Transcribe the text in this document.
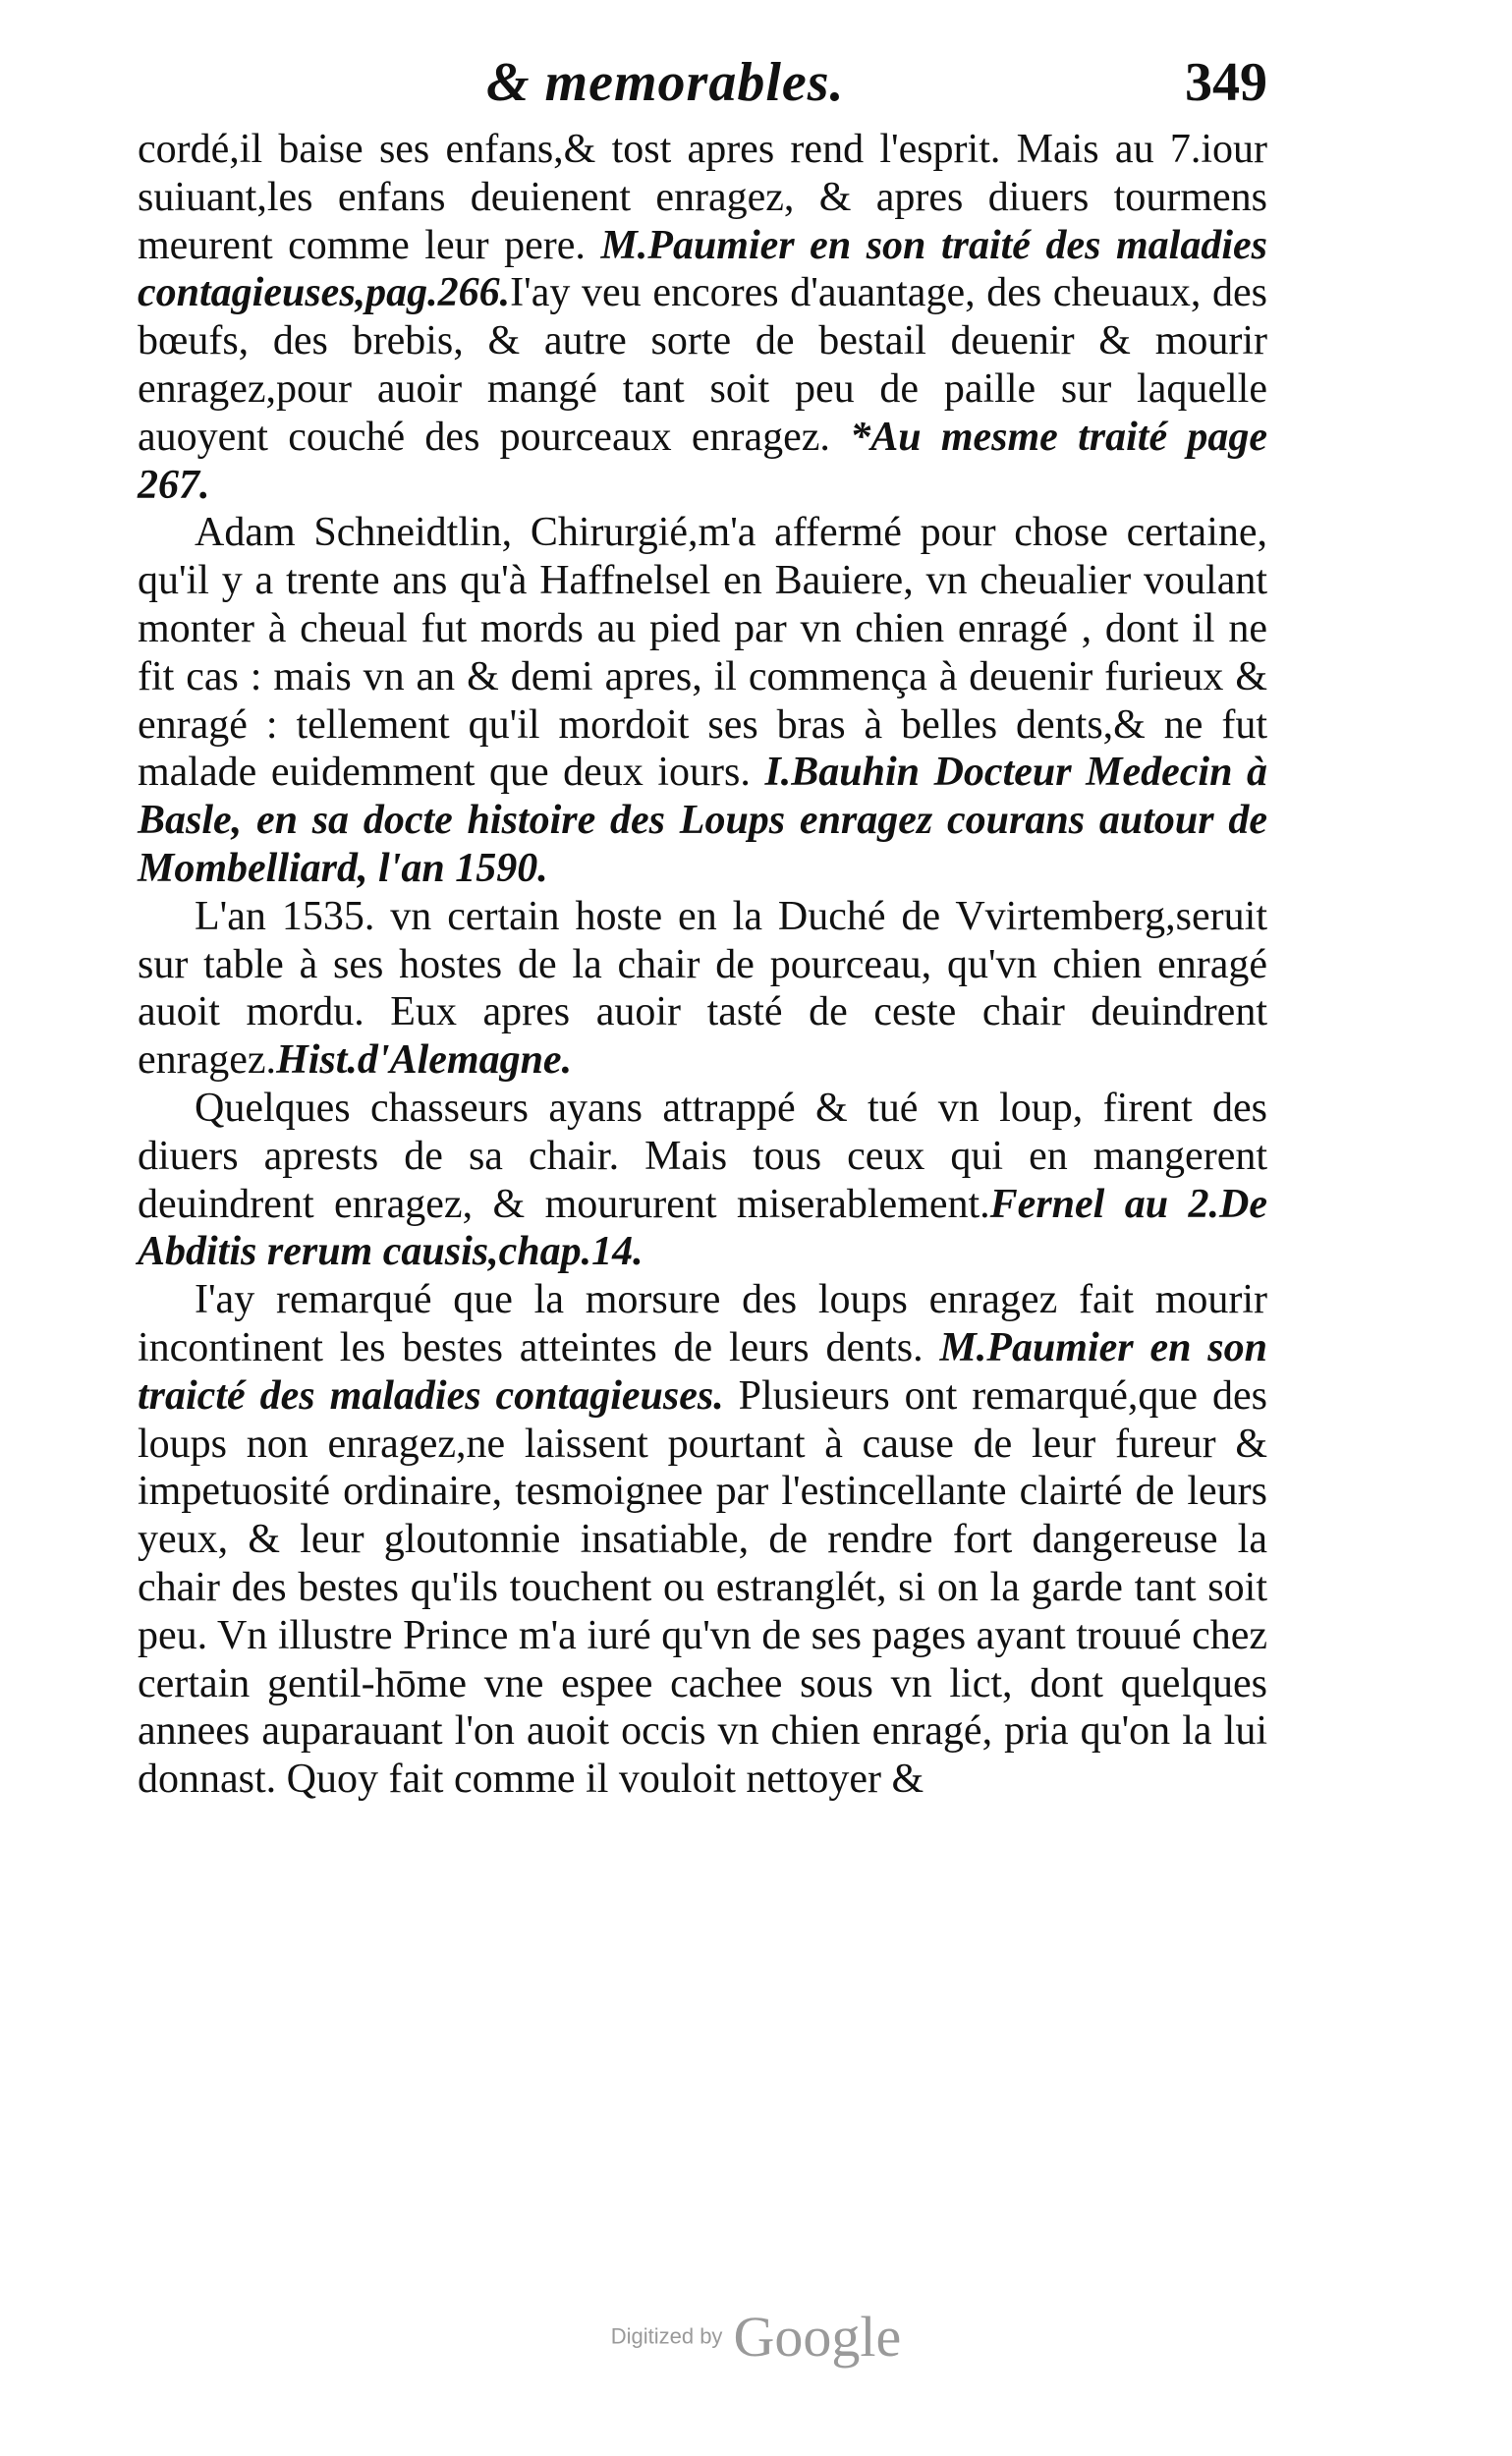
& memorables.	349

cordé,il baise ses enfans,& tost apres rend l'esprit. Mais au 7.iour suiuant,les enfans deuienent enragez, & apres diuers tourmens meurent comme leur pere. M.Paumier en son traité des maladies contagieuses,pag.266.I'ay veu encores d'auantage, des cheuaux, des bœufs, des brebis, & autre sorte de bestail deuenir & mourir enragez,pour auoir mangé tant soit peu de paille sur laquelle auoyent couché des pourceaux enragez. *Au mesme traité page 267.

Adam Schneidtlin, Chirurgié,m'a affermé pour chose certaine, qu'il y a trente ans qu'à Haffnelsel en Bauiere, vn cheualier voulant monter à cheual fut mords au pied par vn chien enragé , dont il ne fit cas : mais vn an & demi apres, il commença à deuenir furieux & enragé : tellement qu'il mordoit ses bras à belles dents,& ne fut malade euidemment que deux iours. I.Bauhin Docteur Medecin à Basle, en sa docte histoire des Loups enragez courans autour de Mombelliard, l'an 1590.

L'an 1535. vn certain hoste en la Duché de Vvirtemberg,seruit sur table à ses hostes de la chair de pourceau, qu'vn chien enragé auoit mordu. Eux apres auoir tasté de ceste chair deuindrent enragez.Hist.d'Alemagne.

Quelques chasseurs ayans attrappé & tué vn loup, firent des diuers aprests de sa chair. Mais tous ceux qui en mangerent deuindrent enragez, & moururent miserablement.Fernel au 2.De Abditis rerum causis,chap.14.

I'ay remarqué que la morsure des loups enragez fait mourir incontinent les bestes atteintes de leurs dents. M.Paumier en son traicté des maladies contagieuses. Plusieurs ont remarqué,que des loups non enragez,ne laissent pourtant à cause de leur fureur & impetuosité ordinaire, tesmoignee par l'estincellante clairté de leurs yeux, & leur gloutonnie insatiable, de rendre fort dangereuse la chair des bestes qu'ils touchent ou estranglét, si on la garde tant soit peu. Vn illustre Prince m'a iuré qu'vn de ses pages ayant trouué chez certain gentil-hōme vne espee cachee sous vn lict, dont quelques annees auparauant l'on auoit occis vn chien enragé, pria qu'on la lui donnast. Quoy fait comme il vouloit nettoyer &

Digitized by Google
